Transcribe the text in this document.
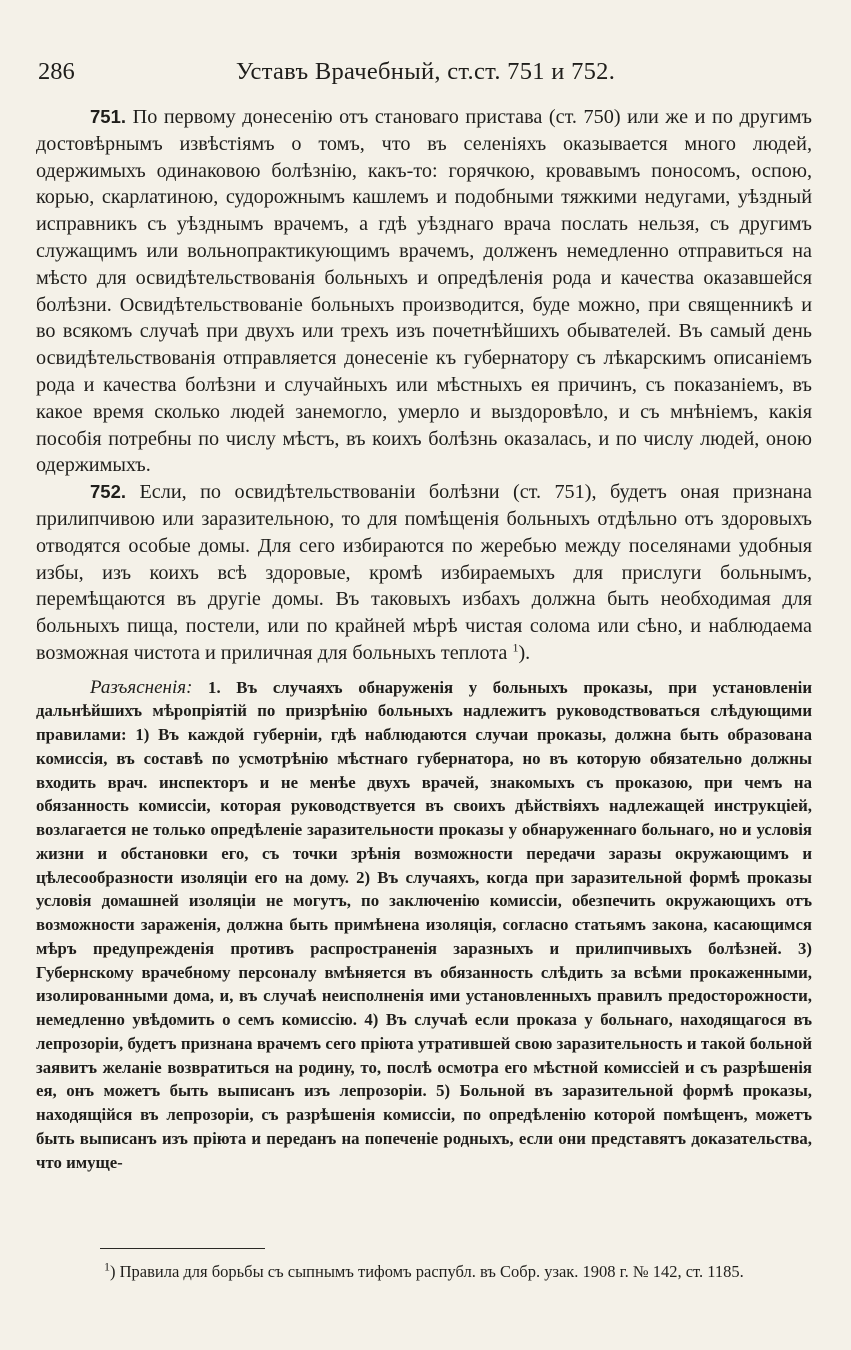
286	Уставъ Врачебный, ст.ст. 751 и 752.

751. По первому донесенію отъ становаго пристава (ст. 750) или же и по другимъ достовѣрнымъ извѣстіямъ о томъ, что въ селеніяхъ оказывается много людей, одержимыхъ одинаковою болѣзнію, какъ-то: горячкою, кровавымъ поносомъ, оспою, корью, скарлатиною, судорожнымъ кашлемъ и подобными тяжкими недугами, уѣздный исправникъ съ уѣзднымъ врачемъ, а гдѣ уѣзднаго врача послать нельзя, съ другимъ служащимъ или вольнопрактикующимъ врачемъ, долженъ немедленно отправиться на мѣсто для освидѣтельствованія больныхъ и опредѣленія рода и качества оказавшейся болѣзни. Освидѣтельствованіе больныхъ производится, буде можно, при священникѣ и во всякомъ случаѣ при двухъ или трехъ изъ почетнѣйшихъ обывателей. Въ самый день освидѣтельствованія отправляется донесеніе къ губернатору съ лѣкарскимъ описаніемъ рода и качества болѣзни и случайныхъ или мѣстныхъ ея причинъ, съ показаніемъ, въ какое время сколько людей занемогло, умерло и выздоровѣло, и съ мнѣніемъ, какія пособія потребны по числу мѣстъ, въ коихъ болѣзнь оказалась, и по числу людей, оною одержимыхъ.

752. Если, по освидѣтельствованіи болѣзни (ст. 751), будетъ оная признана прилипчивою или заразительною, то для помѣщенія больныхъ отдѣльно отъ здоровыхъ отводятся особые домы. Для сего избираются по жеребью между поселянами удобныя избы, изъ коихъ всѣ здоровые, кромѣ избираемыхъ для прислуги больнымъ, перемѣщаются въ другіе домы. Въ таковыхъ избахъ должна быть необходимая для больныхъ пища, постели, или по крайней мѣрѣ чистая солома или сѣно, и наблюдаема возможная чистота и приличная для больныхъ теплота $^1$).

Разъясненія: 1. Въ случаяхъ обнаруженія у больныхъ проказы, при установленіи дальнѣйшихъ мѣропріятій по призрѣнію больныхъ надлежитъ руководствоваться слѣдующими правилами: 1) Въ каждой губерніи, гдѣ наблюдаются случаи проказы, должна быть образована комиссія, въ составѣ по усмотрѣнію мѣстнаго губернатора, но въ которую обязательно должны входить врач. инспекторъ и не менѣе двухъ врачей, знакомыхъ съ проказою, при чемъ на обязанность комиссіи, которая руководствуется въ своихъ дѣйствіяхъ надлежащей инструкціей, возлагается не только опредѣленіе заразительности проказы у обнаруженнаго больнаго, но и условія жизни и обстановки его, съ точки зрѣнія возможности передачи заразы окружающимъ и цѣлесообразности изоляціи его на дому. 2) Въ случаяхъ, когда при заразительной формѣ проказы условія домашней изоляціи не могутъ, по заключенію комиссіи, обезпечить окружающихъ отъ возможности зараженія, должна быть примѣнена изоляція, согласно статьямъ закона, касающимся мѣръ предупрежденія противъ распространенія заразныхъ и прилипчивыхъ болѣзней. 3) Губернскому врачебному персоналу вмѣняется въ обязанность слѣдить за всѣми прокаженными, изолированными дома, и, въ случаѣ неисполненія ими установленныхъ правилъ предосторожности, немедленно увѣдомить о семъ комиссію. 4) Въ случаѣ если проказа у больнаго, находящагося въ лепрозоріи, будетъ признана врачемъ сего пріюта утратившей свою заразительность и такой больной заявитъ желаніе возвратиться на родину, то, послѣ осмотра его мѣстной комиссіей и съ разрѣшенія ея, онъ можетъ быть выписанъ изъ лепрозоріи. 5) Больной въ заразительной формѣ проказы, находящійся въ лепрозоріи, съ разрѣшенія комиссіи, по опредѣленію которой помѣщенъ, можетъ быть выписанъ изъ пріюта и переданъ на попеченіе родныхъ, если они представятъ доказательства, что имуще-

$^1$) Правила для борьбы съ сыпнымъ тифомъ распубл. въ Собр. узак. 1908 г. № 142, ст. 1185.
